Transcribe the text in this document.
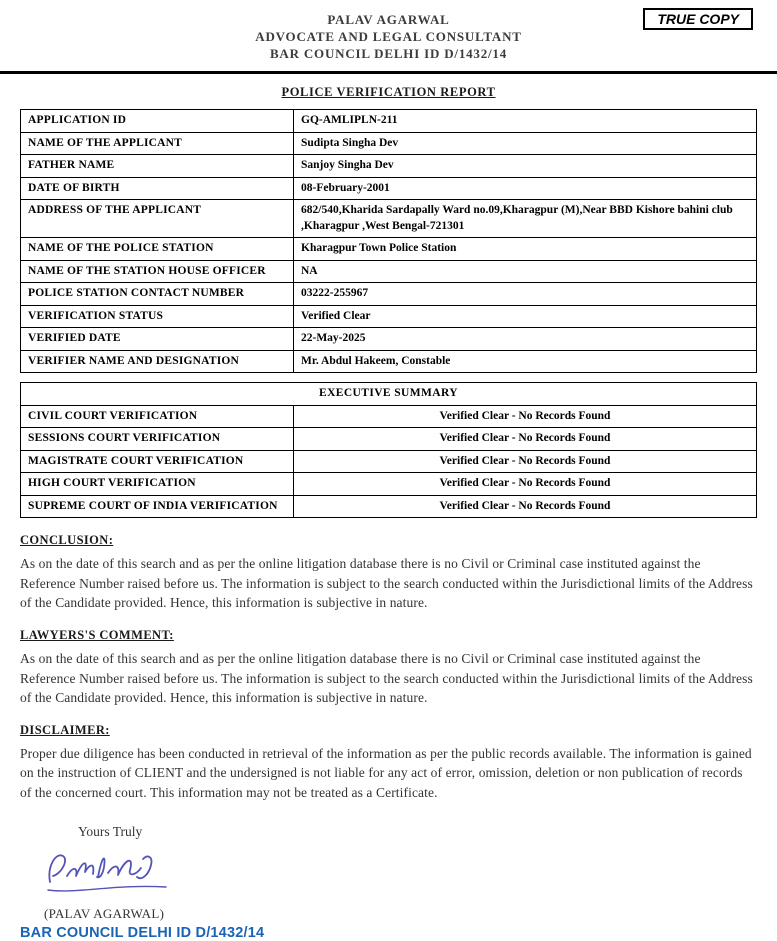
TRUE COPY
PALAV AGARWAL
ADVOCATE AND LEGAL CONSULTANT
BAR COUNCIL DELHI ID D/1432/14
POLICE VERIFICATION REPORT
APPLICATION ID	GQ-AMLIPLN-211
NAME OF THE APPLICANT	Sudipta Singha Dev
FATHER NAME	Sanjoy Singha Dev
DATE OF BIRTH	08-February-2001
ADDRESS OF THE APPLICANT	682/540,Kharida Sardapally Ward no.09,Kharagpur (M),Near BBD Kishore bahini club ,Kharagpur ,West Bengal-721301
NAME OF THE POLICE STATION	Kharagpur Town Police Station
NAME OF THE STATION HOUSE OFFICER	NA
POLICE STATION CONTACT NUMBER	03222-255967
VERIFICATION STATUS	Verified Clear
VERIFIED DATE	22-May-2025
VERIFIER NAME AND DESIGNATION	Mr. Abdul Hakeem, Constable
EXECUTIVE SUMMARY	
CIVIL COURT VERIFICATION	Verified Clear - No Records Found
SESSIONS COURT VERIFICATION	Verified Clear - No Records Found
MAGISTRATE COURT VERIFICATION	Verified Clear - No Records Found
HIGH COURT VERIFICATION	Verified Clear - No Records Found
SUPREME COURT OF INDIA VERIFICATION	Verified Clear - No Records Found
CONCLUSION:

As on the date of this search and as per the online litigation database there is no Civil or Criminal case instituted against the Reference Number raised before us. The information is subject to the search conducted within the Jurisdictional limits of the Address of the Candidate provided. Hence, this information is subjective in nature.

LAWYERS'S COMMENT:

As on the date of this search and as per the online litigation database there is no Civil or Criminal case instituted against the Reference Number raised before us. The information is subject to the search conducted within the Jurisdictional limits of the Address of the Candidate provided. Hence, this information is subjective in nature.

DISCLAIMER:

Proper due diligence has been conducted in retrieval of the information as per the public records available. The information is gained on the instruction of CLIENT and the undersigned is not liable for any act of error, omission, deletion or non publication of records of the concerned court. This information may not be treated as a Certificate.

Yours Truly
(PALAV AGARWAL)
BAR COUNCIL DELHI ID D/1432/14
